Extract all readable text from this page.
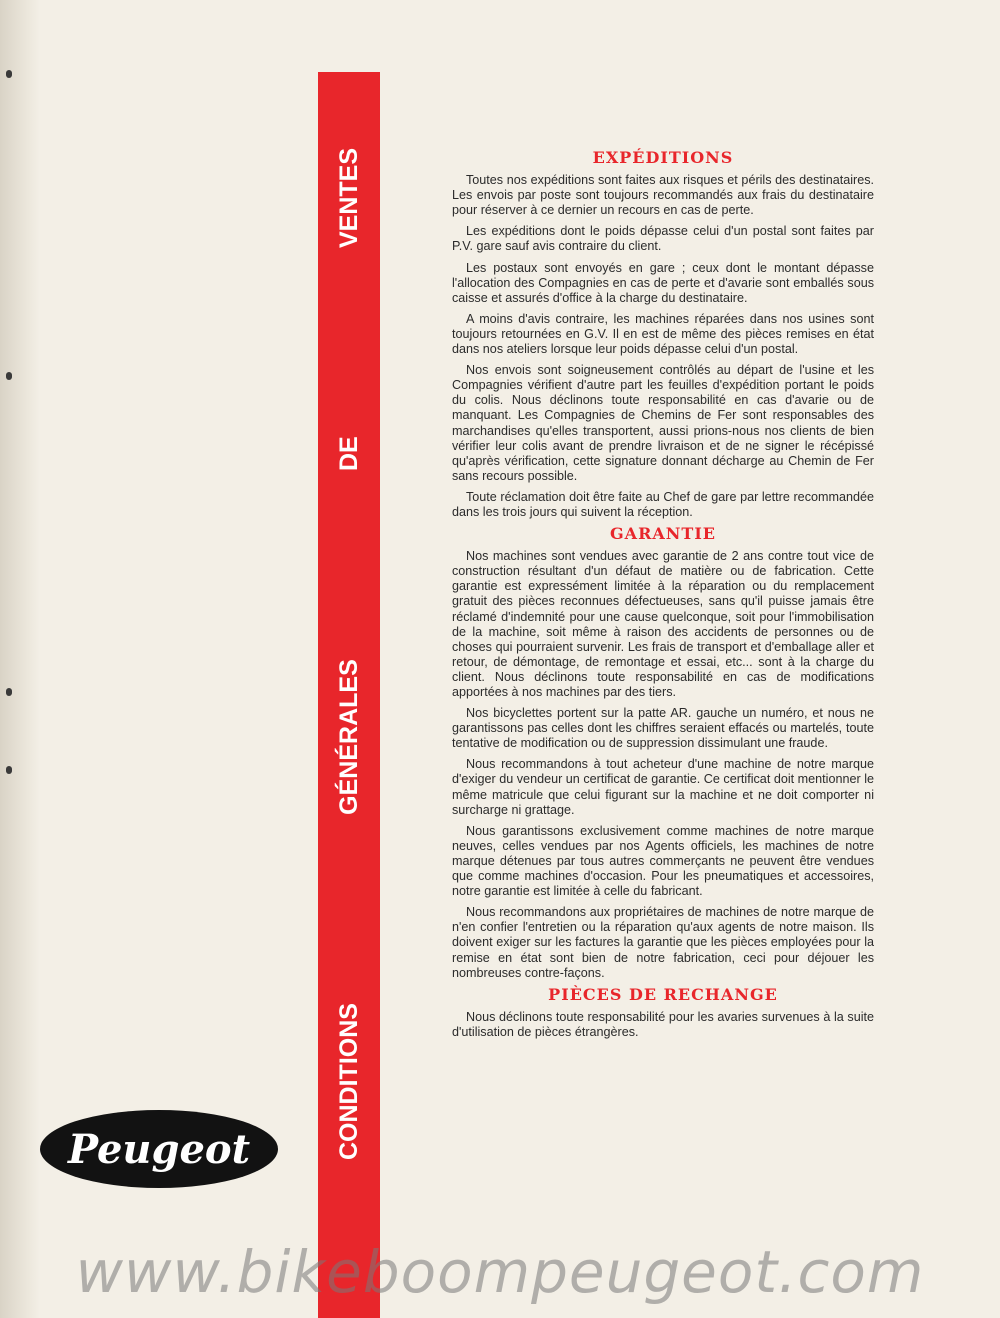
CONDITIONS GÉNÉRALES DE VENTES
Peugeot
EXPÉDITIONS

Toutes nos expéditions sont faites aux risques et périls des destinataires. Les envois par poste sont toujours recommandés aux frais du destinataire pour réserver à ce dernier un recours en cas de perte.

Les expéditions dont le poids dépasse celui d'un postal sont faites par P.V. gare sauf avis contraire du client.

Les postaux sont envoyés en gare ; ceux dont le montant dépasse l'allocation des Compagnies en cas de perte et d'avarie sont emballés sous caisse et assurés d'office à la charge du destinataire.

A moins d'avis contraire, les machines réparées dans nos usines sont toujours retournées en G.V. Il en est de même des pièces remises en état dans nos ateliers lorsque leur poids dépasse celui d'un postal.

Nos envois sont soigneusement contrôlés au départ de l'usine et les Compagnies vérifient d'autre part les feuilles d'expédition portant le poids du colis. Nous déclinons toute responsabilité en cas d'avarie ou de manquant. Les Compagnies de Chemins de Fer sont responsables des marchandises qu'elles transportent, aussi prions-nous nos clients de bien vérifier leur colis avant de prendre livraison et de ne signer le récépissé qu'après vérification, cette signature donnant décharge au Chemin de Fer sans recours possible.

Toute réclamation doit être faite au Chef de gare par lettre recommandée dans les trois jours qui suivent la réception.

GARANTIE

Nos machines sont vendues avec garantie de 2 ans contre tout vice de construction résultant d'un défaut de matière ou de fabrication. Cette garantie est expressément limitée à la réparation ou du remplacement gratuit des pièces reconnues défectueuses, sans qu'il puisse jamais être réclamé d'indemnité pour une cause quelconque, soit pour l'immobilisation de la machine, soit même à raison des accidents de personnes ou de choses qui pourraient survenir. Les frais de transport et d'emballage aller et retour, de démontage, de remontage et essai, etc... sont à la charge du client. Nous déclinons toute responsabilité en cas de modifications apportées à nos machines par des tiers.

Nos bicyclettes portent sur la patte AR. gauche un numéro, et nous ne garantissons pas celles dont les chiffres seraient effacés ou martelés, toute tentative de modification ou de suppression dissimulant une fraude.

Nous recommandons à tout acheteur d'une machine de notre marque d'exiger du vendeur un certificat de garantie. Ce certificat doit mentionner le même matricule que celui figurant sur la machine et ne doit comporter ni surcharge ni grattage.

Nous garantissons exclusivement comme machines de notre marque neuves, celles vendues par nos Agents officiels, les machines de notre marque détenues par tous autres commerçants ne peuvent être vendues que comme machines d'occasion. Pour les pneumatiques et accessoires, notre garantie est limitée à celle du fabricant.

Nous recommandons aux propriétaires de machines de notre marque de n'en confier l'entretien ou la réparation qu'aux agents de notre maison. Ils doivent exiger sur les factures la garantie que les pièces employées pour la remise en état sont bien de notre fabrication, ceci pour déjouer les nombreuses contre-façons.

PIÈCES DE RECHANGE

Nous déclinons toute responsabilité pour les avaries survenues à la suite d'utilisation de pièces étrangères.

www.bikeboompeugeot.com
